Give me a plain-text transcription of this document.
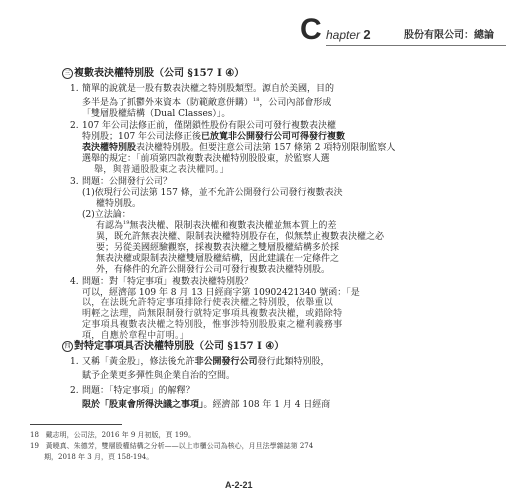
C hapter 2	股份有限公司：總論
三 複數表決權特別股（公司 §157 Ⅰ ④）
1. 簡單的說就是一股有數表決權之特別股類型。源自於美國，目的
多半是為了抓鬱外來資本（防範敵意併購）$^{18}$，公司內部會形成
「雙層股權結構（Dual Classes）」。
2. 107 年公司法修正前，僅閉鎖性股份有限公司可發行複數表決權
特別股；107 年公司法修正後已放寬非公開發行公司可得發行複數
表決權特別股表決權特別股。但要注意公司法第 157 條第 2 項特別限制監察人
選舉的規定：「前項第四款複數表決權特別股股東，於監察人選
舉，與普通股股東之表決權同。」
3. 問題：公開發行公司？
(1)依現行公司法第 157 條，並不允許公開發行公司發行複數表決
權特別股。
(2)立法論：
有認為$^{19}$無表決權、限制表決權和複數表決權並無本質上的差
異，既允許無表決權、限制表決權特別股存在，似無禁止複數表決權之必
要；另從美國經驗觀察，採複數表決權之雙層股權結構多於採
無表決權或限制表決權雙層股權結構，因此建議在一定條件之
外，有條件的允許公開發行公司可發行複數表決權特別股。
4. 問題：對「特定事項」複數表決權特別股？
可以，經濟部 109 年 8 月 13 日經商字第 10902421340 號函：「是
以，在法既允許特定事項排除行使表決權之特別股，依舉重以
明輕之法理，尚無限制發行就特定事項具複數表決權，或錯除特
定事項具複數表決權之特別股，惟事涉特別股股東之權利義務事
項，自應於章程中訂明。」
四 對特定事項具否決權特別股（公司 §157 Ⅰ ④）
1. 又稱「黃金股」，修法後允許非公開發行公司發行此類特別股，
賦予企業更多彈性與企業自治的空間。
2. 問題：「特定事項」的解釋？
限於「股東會所得決議之事項」。經濟部 108 年 1 月 4 日經商
18 戴志明，公司法，2016 年 9 月初版，頁 199。
19 黃曉真、朱德芳，雙層股權結構之分析——以上市櫃公司為核心，月旦法學雜誌第 274
期，2018 年 3 月，頁 158-194。
A-2-21
